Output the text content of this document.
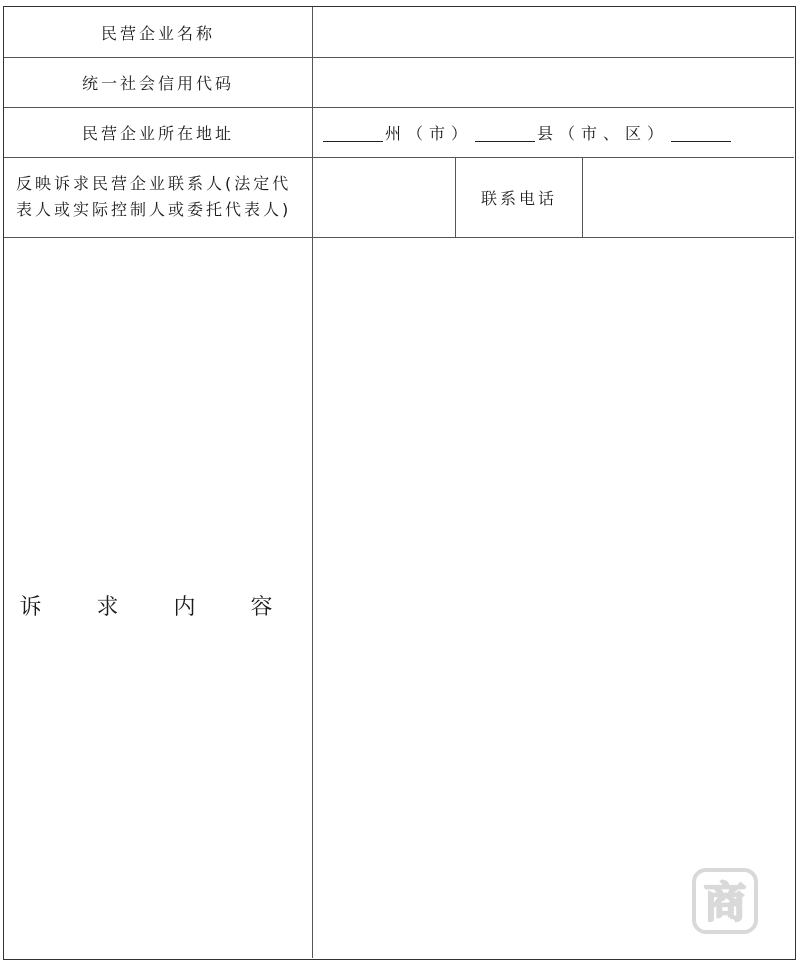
民营企业名称
统一社会信用代码
民营企业所在地址	州（市）	县（市、区）
反映诉求民营企业联系人(法定代
表人或实际控制人或委托代表人)
联系电话
诉 求 内 容
商
